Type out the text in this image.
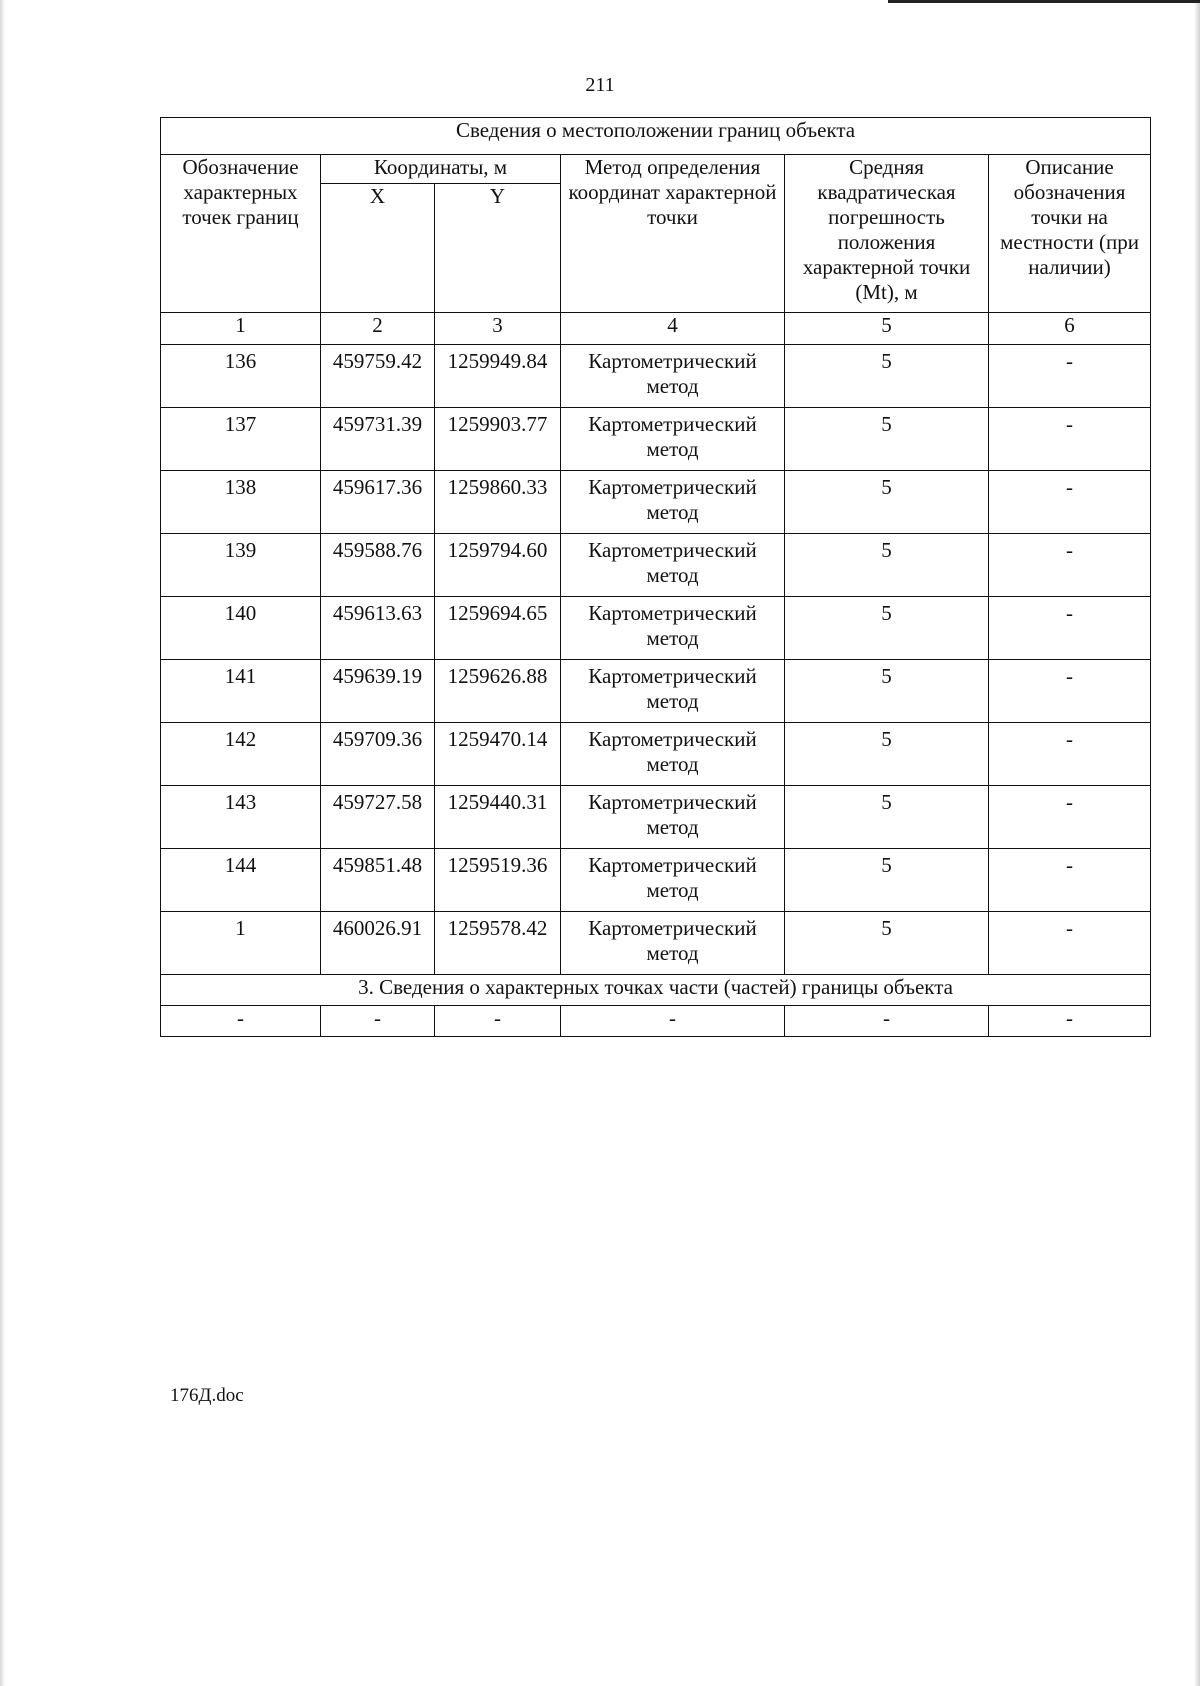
211
Сведения о местоположении границ объекта					
Обозначение характерных точек границ	Координаты, м		Метод определения координат характерной точки	Средняя квадратическая погрешность положения характерной точки (Mt), м	Описание обозначения точки на местности (при наличии)
	X	Y			
1	2	3	4	5	6
136	459759.42	1259949.84	Картометрический метод	5	-
137	459731.39	1259903.77	Картометрический метод	5	-
138	459617.36	1259860.33	Картометрический метод	5	-
139	459588.76	1259794.60	Картометрический метод	5	-
140	459613.63	1259694.65	Картометрический метод	5	-
141	459639.19	1259626.88	Картометрический метод	5	-
142	459709.36	1259470.14	Картометрический метод	5	-
143	459727.58	1259440.31	Картометрический метод	5	-
144	459851.48	1259519.36	Картометрический метод	5	-
1	460026.91	1259578.42	Картометрический метод	5	-
3. Сведения о характерных точках части (частей) границы объекта					
-	-	-	-	-	-
176Д.doc
